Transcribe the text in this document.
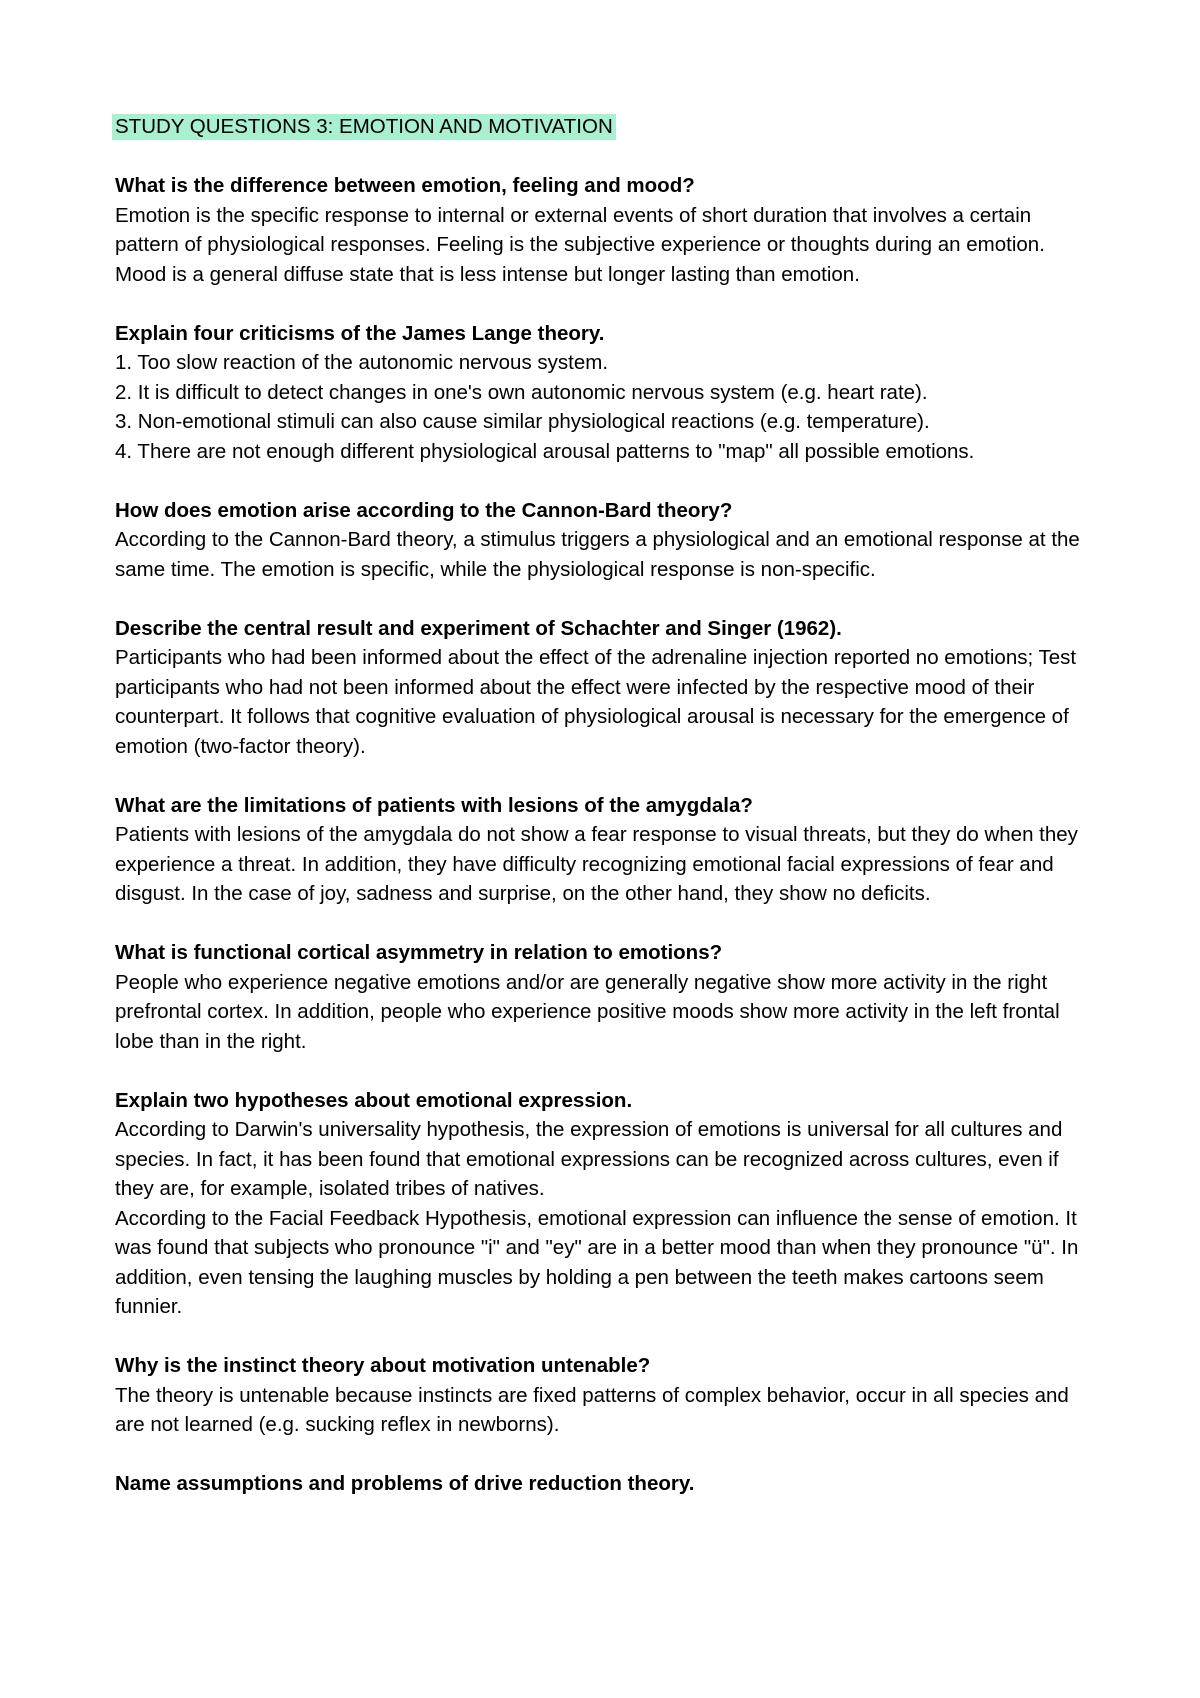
STUDY QUESTIONS 3: EMOTION AND MOTIVATION

What is the difference between emotion, feeling and mood?

Emotion is the specific response to internal or external events of short duration that involves a certain pattern of physiological responses. Feeling is the subjective experience or thoughts during an emotion. Mood is a general diffuse state that is less intense but longer lasting than emotion.

Explain four criticisms of the James Lange theory.

1. Too slow reaction of the autonomic nervous system.
2. It is difficult to detect changes in one's own autonomic nervous system (e.g. heart rate).
3. Non-emotional stimuli can also cause similar physiological reactions (e.g. temperature).
4. There are not enough different physiological arousal patterns to "map" all possible emotions.

How does emotion arise according to the Cannon-Bard theory?

According to the Cannon-Bard theory, a stimulus triggers a physiological and an emotional response at the same time. The emotion is specific, while the physiological response is non-specific.

Describe the central result and experiment of Schachter and Singer (1962).

Participants who had been informed about the effect of the adrenaline injection reported no emotions; Test participants who had not been informed about the effect were infected by the respective mood of their counterpart. It follows that cognitive evaluation of physiological arousal is necessary for the emergence of emotion (two-factor theory).

What are the limitations of patients with lesions of the amygdala?

Patients with lesions of the amygdala do not show a fear response to visual threats, but they do when they experience a threat. In addition, they have difficulty recognizing emotional facial expressions of fear and disgust. In the case of joy, sadness and surprise, on the other hand, they show no deficits.

What is functional cortical asymmetry in relation to emotions?

People who experience negative emotions and/or are generally negative show more activity in the right prefrontal cortex. In addition, people who experience positive moods show more activity in the left frontal lobe than in the right.

Explain two hypotheses about emotional expression.

According to Darwin's universality hypothesis, the expression of emotions is universal for all cultures and species. In fact, it has been found that emotional expressions can be recognized across cultures, even if they are, for example, isolated tribes of natives.

According to the Facial Feedback Hypothesis, emotional expression can influence the sense of emotion. It was found that subjects who pronounce "i" and "ey" are in a better mood than when they pronounce "ü". In addition, even tensing the laughing muscles by holding a pen between the teeth makes cartoons seem funnier.

Why is the instinct theory about motivation untenable?

The theory is untenable because instincts are fixed patterns of complex behavior, occur in all species and are not learned (e.g. sucking reflex in newborns).

Name assumptions and problems of drive reduction theory.
